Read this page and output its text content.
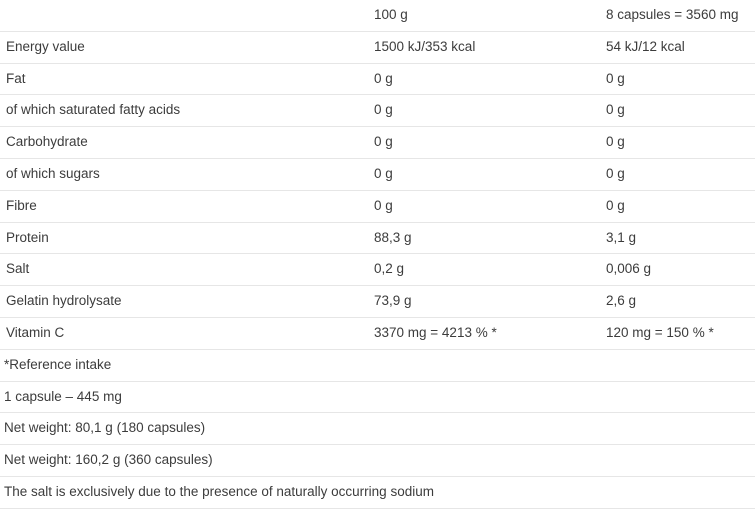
	100 g	8 capsules = 3560 mg
Energy value	1500 kJ/353 kcal	54 kJ/12 kcal
Fat	0 g	0 g
of which saturated fatty acids	0 g	0 g
Carbohydrate	0 g	0 g
of which sugars	0 g	0 g
Fibre	0 g	0 g
Protein	88,3 g	3,1 g
Salt	0,2 g	0,006 g
Gelatin hydrolysate	73,9 g	2,6 g
Vitamin C	3370 mg = 4213 % *	120 mg = 150 % *
*Reference intake		
1 capsule – 445 mg		
Net weight: 80,1 g (180 capsules)		
Net weight: 160,2 g (360 capsules)		
The salt is exclusively due to the presence of naturally occurring sodium		
